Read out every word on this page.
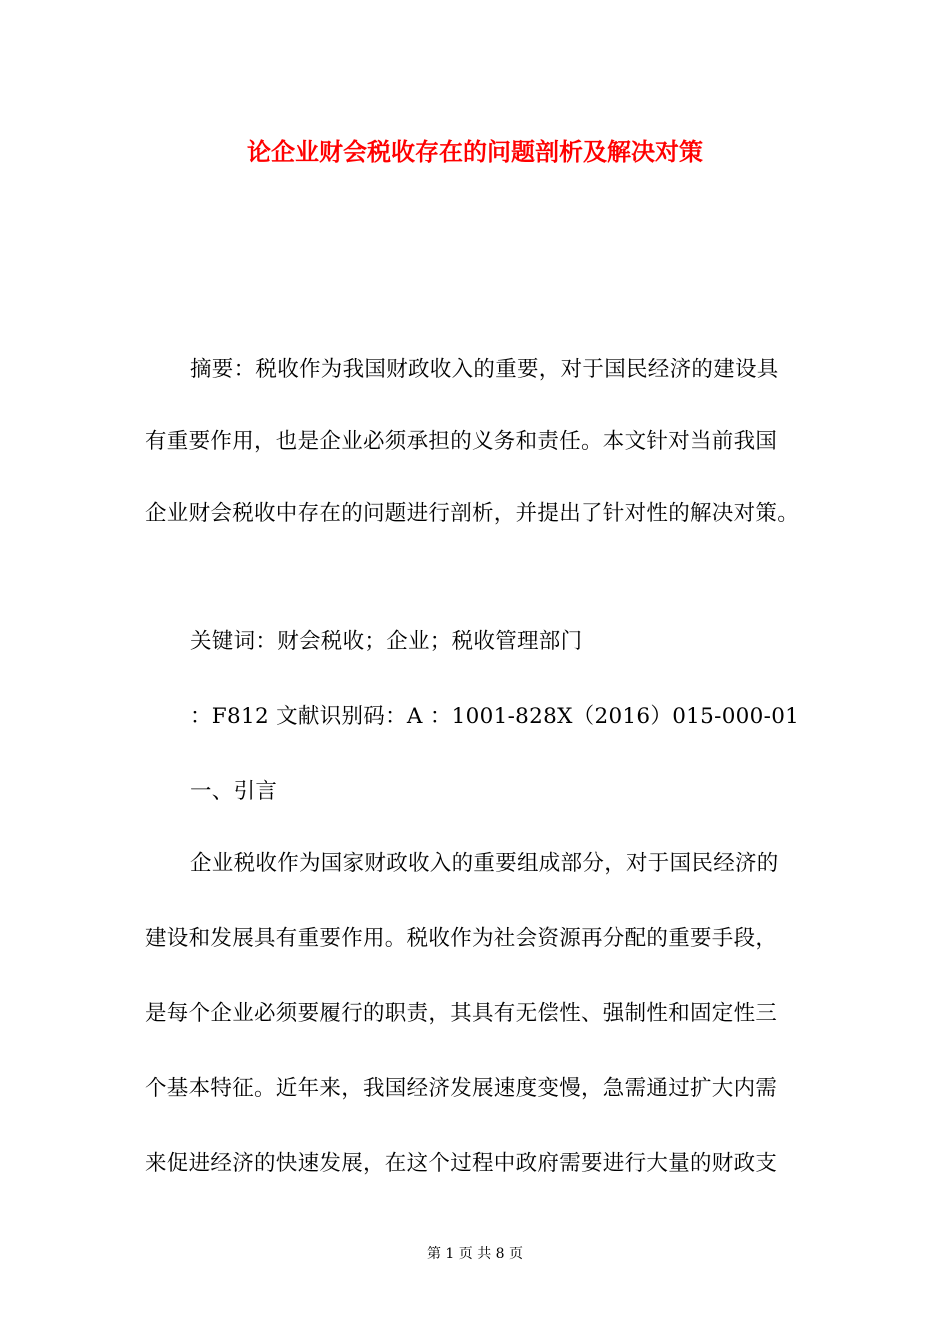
论企业财会税收存在的问题剖析及解决对策
摘要：税收作为我国财政收入的重要，对于国民经济的建设具
有重要作用，也是企业必须承担的义务和责任。本文针对当前我国
企业财会税收中存在的问题进行剖析，并提出了针对性的解决对策。
关键词：财会税收；企业；税收管理部门
：F812 文献识别码：A ：1001-828X（2016）015-000-01
一、引言
企业税收作为国家财政收入的重要组成部分，对于国民经济的
建设和发展具有重要作用。税收作为社会资源再分配的重要手段，
是每个企业必须要履行的职责，其具有无偿性、强制性和固定性三
个基本特征。近年来，我国经济发展速度变慢，急需通过扩大内需
来促进经济的快速发展，在这个过程中政府需要进行大量的财政支
第 1 页 共 8 页
